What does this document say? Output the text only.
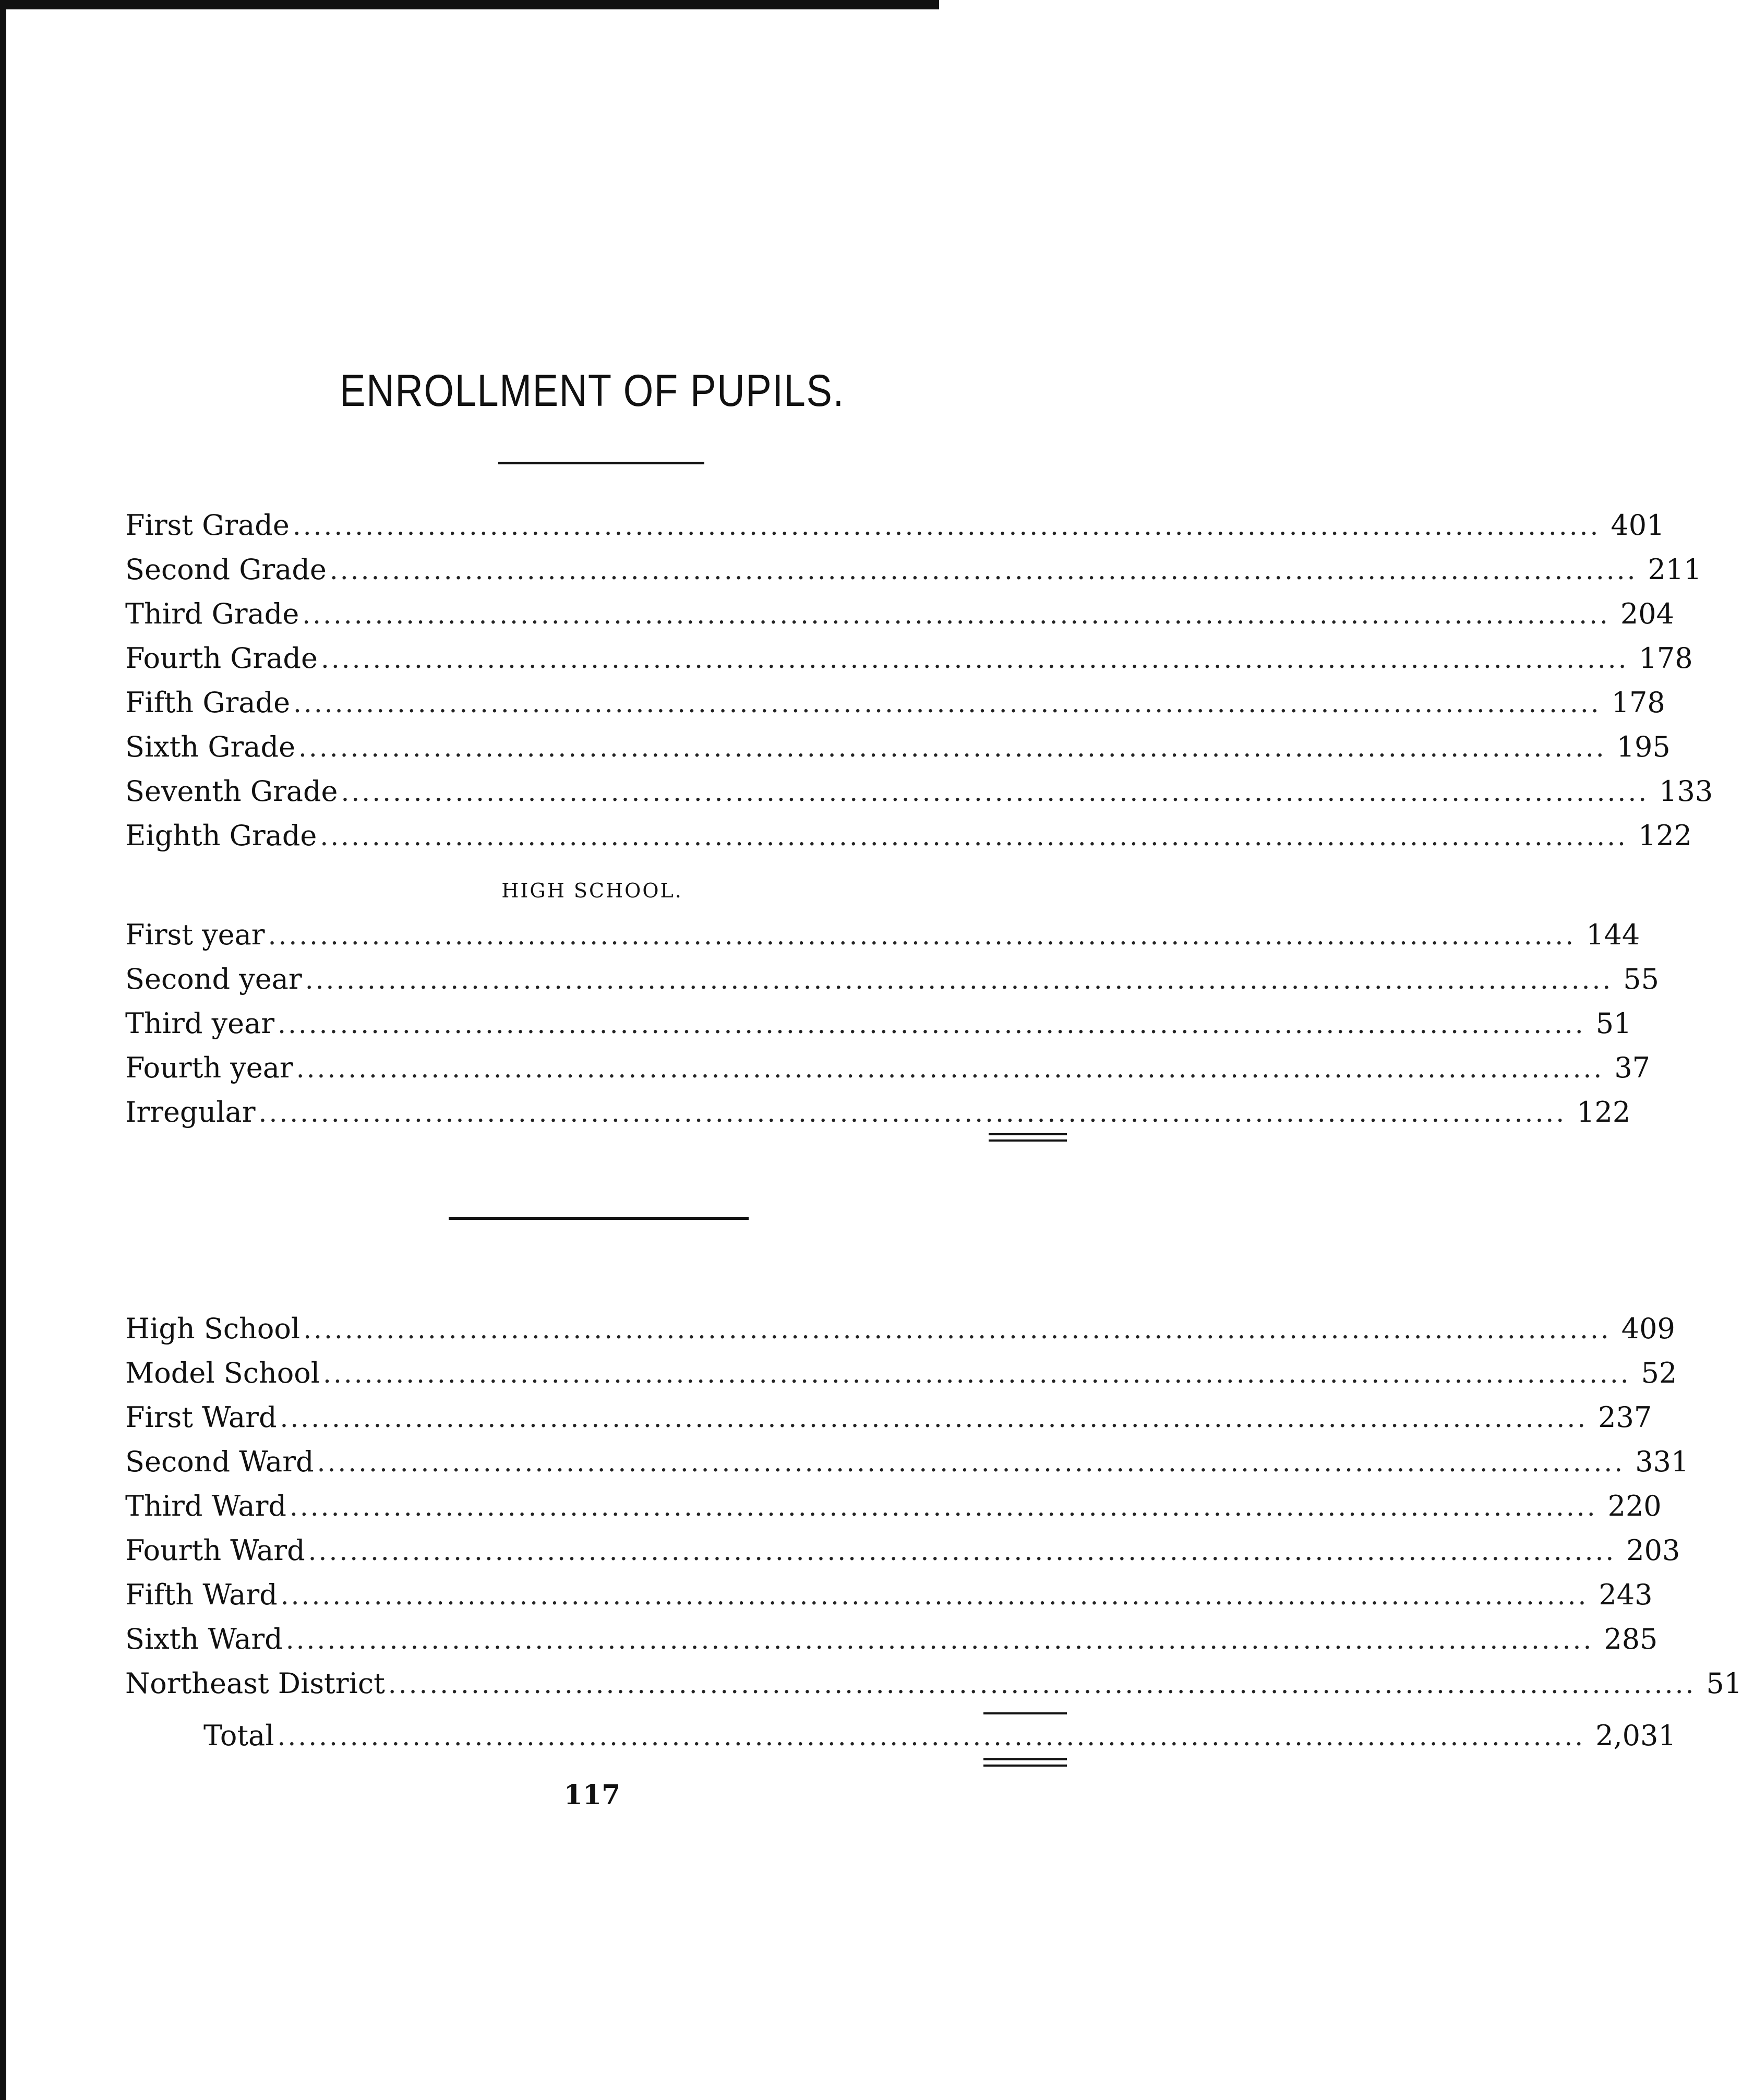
ENROLLMENT OF PUPILS.
First Grade .............................................................................................................................. 401
Second Grade .............................................................................................................................. 211
Third Grade .............................................................................................................................. 204
Fourth Grade .............................................................................................................................. 178
Fifth Grade .............................................................................................................................. 178
Sixth Grade .............................................................................................................................. 195
Seventh Grade .............................................................................................................................. 133
Eighth Grade .............................................................................................................................. 122
HIGH SCHOOL.
First year .............................................................................................................................. 144
Second year .............................................................................................................................. 55
Third year .............................................................................................................................. 51
Fourth year .............................................................................................................................. 37
Irregular .............................................................................................................................. 122
High School .............................................................................................................................. 409
Model School .............................................................................................................................. 52
First Ward .............................................................................................................................. 237
Second Ward .............................................................................................................................. 331
Third Ward .............................................................................................................................. 220
Fourth Ward .............................................................................................................................. 203
Fifth Ward .............................................................................................................................. 243
Sixth Ward .............................................................................................................................. 285
Northeast District .............................................................................................................................. 51
Total .............................................................................................................................. 2,031
117
